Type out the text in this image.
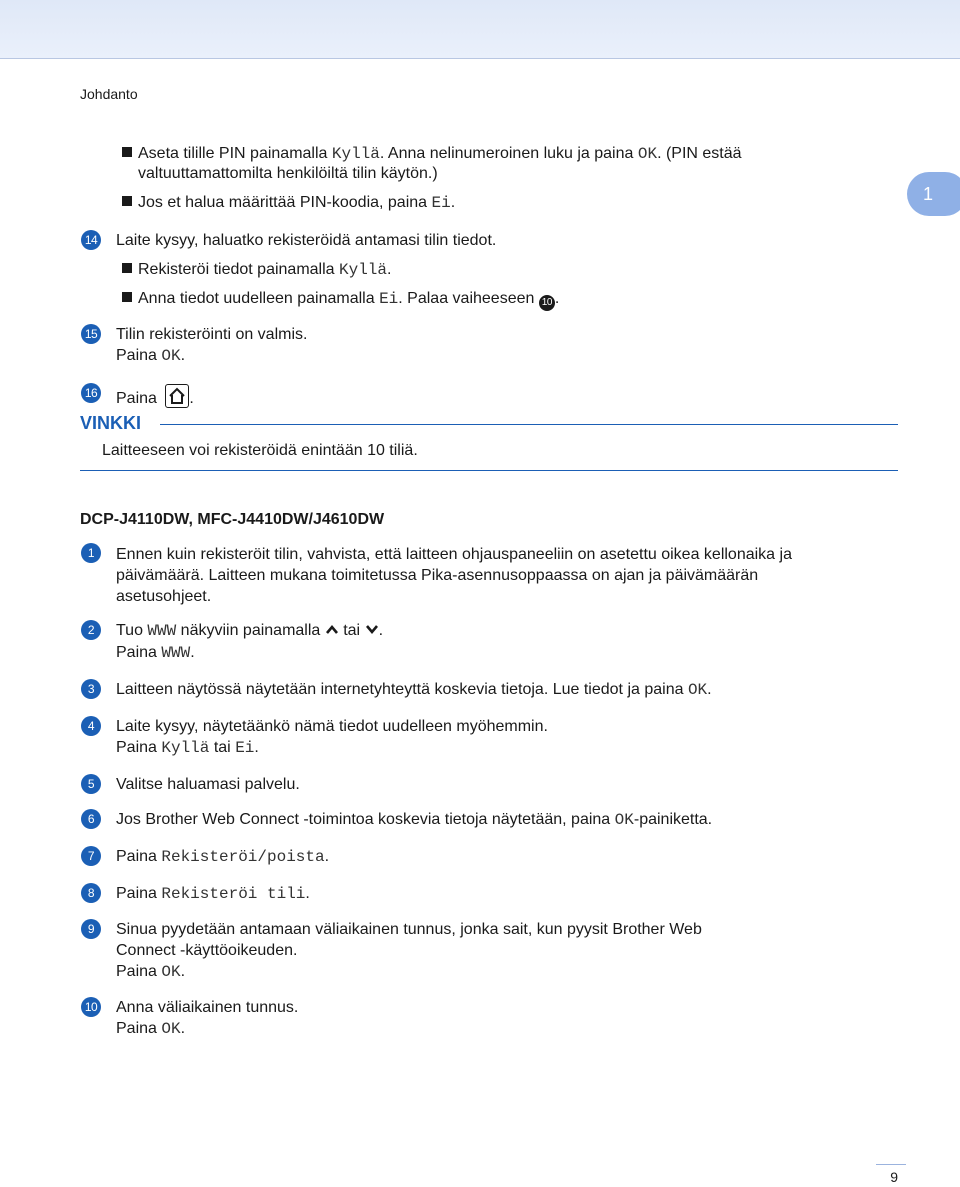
Johdanto
1
Aseta tilille PIN painamalla Kyllä. Anna nelinumeroinen luku ja paina OK. (PIN estää
valtuuttamattomilta henkilöiltä tilin käytön.)
Jos et halua määrittää PIN-koodia, paina Ei.
14 Laite kysyy, haluatko rekisteröidä antamasi tilin tiedot.
Rekisteröi tiedot painamalla Kyllä.
Anna tiedot uudelleen painamalla Ei. Palaa vaiheeseen 10 .
15 Tilin rekisteröinti on valmis.
Paina OK.
16 Paina
.
VINKKI
Laitteeseen voi rekisteröidä enintään 10 tiliä.
DCP-J4110DW, MFC-J4410DW/J4610DW
1	Ennen kuin rekisteröit tilin, vahvista, että laitteen ohjauspaneeliin on asetettu oikea kellonaika ja
päivämäärä. Laitteen mukana toimitetussa Pika-asennusoppaassa on ajan ja päivämäärän
asetusohjeet.
2	Tuo WWW näkyviin painamalla  tai .
Paina WWW.
3	Laitteen näytössä näytetään internetyhteyttä koskevia tietoja. Lue tiedot ja paina OK.
4	Laite kysyy, näytetäänkö nämä tiedot uudelleen myöhemmin.
Paina Kyllä tai Ei.
5	Valitse haluamasi palvelu.
6	Jos Brother Web Connect -toimintoa koskevia tietoja näytetään, paina OK-painiketta.
7	Paina Rekisteröi/poista.
8	Paina Rekisteröi tili.
9	Sinua pyydetään antamaan väliaikainen tunnus, jonka sait, kun pyysit Brother Web
Connect -käyttöoikeuden.
Paina OK.
10 Anna väliaikainen tunnus.
Paina OK.
9
